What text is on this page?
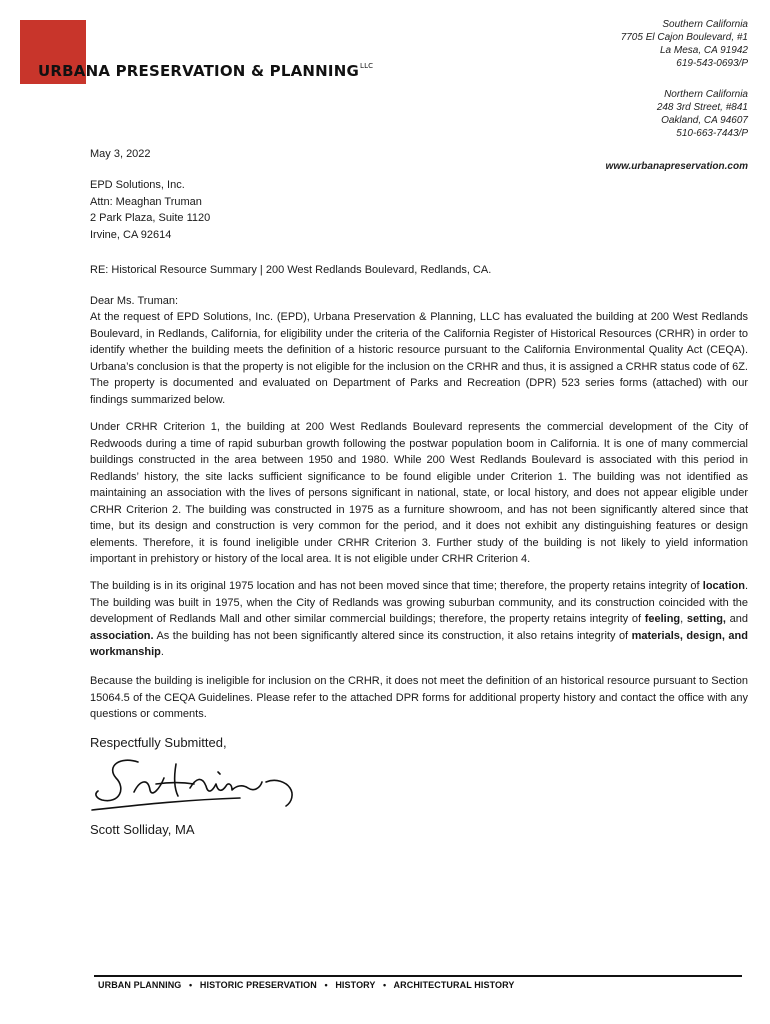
URBANA PRESERVATION & $PLANNING^{LLC}$
Southern California
7705 El Cajon Boulevard, #1
La Mesa, CA 91942
619-543-0693/P
Northern California
248 3rd Street, #841
Oakland, CA 94607
510-663-7443/P
www.urbanapreservation.com
May 3, 2022
EPD Solutions, Inc.
Attn: Meaghan Truman
2 Park Plaza, Suite 1120
Irvine, CA 92614
RE: Historical Resource Summary | 200 West Redlands Boulevard, Redlands, CA.
Dear Ms. Truman:
At the request of EPD Solutions, Inc. (EPD), Urbana Preservation & Planning, LLC has evaluated the building at 200 West Redlands Boulevard, in Redlands, California, for eligibility under the criteria of the California Register of Historical Resources (CRHR) in order to identify whether the building meets the definition of a historic resource pursuant to the California Environmental Quality Act (CEQA). Urbana’s conclusion is that the property is not eligible for the inclusion on the CRHR and thus, it is assigned a CRHR status code of 6Z. The property is documented and evaluated on Department of Parks and Recreation (DPR) 523 series forms (attached) with our findings summarized below.
Under CRHR Criterion 1, the building at 200 West Redlands Boulevard represents the commercial development of the City of Redwoods during a time of rapid suburban growth following the postwar population boom in California. It is one of many commercial buildings constructed in the area between 1950 and 1980. While 200 West Redlands Boulevard is associated with this period in Redlands’ history, the site lacks sufficient significance to be found eligible under Criterion 1. The building was not identified as maintaining an association with the lives of persons significant in national, state, or local history, and does not appear eligible under CRHR Criterion 2. The building was constructed in 1975 as a furniture showroom, and has not been significantly altered since that time, but its design and construction is very common for the period, and it does not exhibit any distinguishing features or design elements. Therefore, it is found ineligible under CRHR Criterion 3. Further study of the building is not likely to yield information important in prehistory or history of the local area. It is not eligible under CRHR Criterion 4.
The building is in its original 1975 location and has not been moved since that time; therefore, the property retains integrity of location. The building was built in 1975, when the City of Redlands was growing suburban community, and its construction coincided with the development of Redlands Mall and other similar commercial buildings; therefore, the property retains integrity of feeling, setting, and association. As the building has not been significantly altered since its construction, it also retains integrity of materials, design, and workmanship.
Because the building is ineligible for inclusion on the CRHR, it does not meet the definition of an historical resource pursuant to Section 15064.5 of the CEQA Guidelines. Please refer to the attached DPR forms for additional property history and contact the office with any questions or comments.
Respectfully Submitted,
Scott Solliday, MA
URBAN PLANNING • HISTORIC PRESERVATION • HISTORY • ARCHITECTURAL HISTORY
